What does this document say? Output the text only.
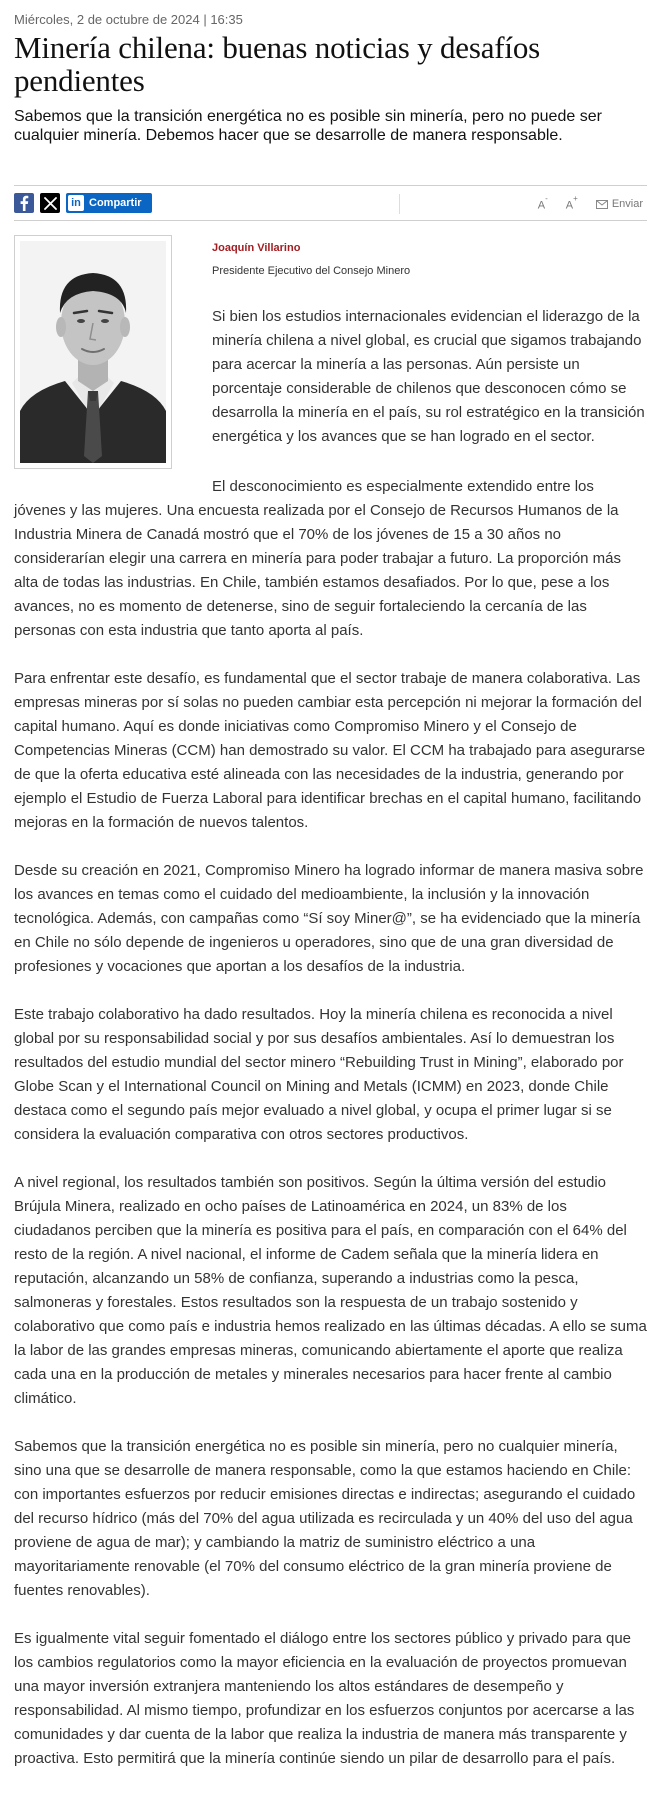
Miércoles, 2 de octubre de 2024 | 16:35
Minería chilena: buenas noticias y desafíos pendientes

Sabemos que la transición energética no es posible sin minería, pero no puede ser cualquier minería. Debemos hacer que se desarrolle de manera responsable.

in Compartir	A-
A+	Enviar
Joaquín Villarino
Presidente Ejecutivo del Consejo Minero

Si bien los estudios internacionales evidencian el liderazgo de la minería chilena a nivel global, es crucial que sigamos trabajando para acercar la minería a las personas. Aún persiste un porcentaje considerable de chilenos que desconocen cómo se desarrolla la minería en el país, su rol estratégico en la transición energética y los avances que se han logrado en el sector.

El desconocimiento es especialmente extendido entre los jóvenes y las mujeres. Una encuesta realizada por el Consejo de Recursos Humanos de la Industria Minera de Canadá mostró que el 70% de los jóvenes de 15 a 30 años no considerarían elegir una carrera en minería para poder trabajar a futuro. La proporción más alta de todas las industrias. En Chile, también estamos desafiados. Por lo que, pese a los avances, no es momento de detenerse, sino de seguir fortaleciendo la cercanía de las personas con esta industria que tanto aporta al país.

Para enfrentar este desafío, es fundamental que el sector trabaje de manera colaborativa. Las empresas mineras por sí solas no pueden cambiar esta percepción ni mejorar la formación del capital humano. Aquí es donde iniciativas como Compromiso Minero y el Consejo de Competencias Mineras (CCM) han demostrado su valor. El CCM ha trabajado para asegurarse de que la oferta educativa esté alineada con las necesidades de la industria, generando por ejemplo el Estudio de Fuerza Laboral para identificar brechas en el capital humano, facilitando mejoras en la formación de nuevos talentos.

Desde su creación en 2021, Compromiso Minero ha logrado informar de manera masiva sobre los avances en temas como el cuidado del medioambiente, la inclusión y la innovación tecnológica. Además, con campañas como “Sí soy Miner@”, se ha evidenciado que la minería en Chile no sólo depende de ingenieros u operadores, sino que de una gran diversidad de profesiones y vocaciones que aportan a los desafíos de la industria.

Este trabajo colaborativo ha dado resultados. Hoy la minería chilena es reconocida a nivel global por su responsabilidad social y por sus desafíos ambientales. Así lo demuestran los resultados del estudio mundial del sector minero “Rebuilding Trust in Mining”, elaborado por Globe Scan y el International Council on Mining and Metals (ICMM) en 2023, donde Chile destaca como el segundo país mejor evaluado a nivel global, y ocupa el primer lugar si se considera la evaluación comparativa con otros sectores productivos.

A nivel regional, los resultados también son positivos. Según la última versión del estudio Brújula Minera, realizado en ocho países de Latinoamérica en 2024, un 83% de los ciudadanos perciben que la minería es positiva para el país, en comparación con el 64% del resto de la región. A nivel nacional, el informe de Cadem señala que la minería lidera en reputación, alcanzando un 58% de confianza, superando a industrias como la pesca, salmoneras y forestales. Estos resultados son la respuesta de un trabajo sostenido y colaborativo que como país e industria hemos realizado en las últimas décadas. A ello se suma la labor de las grandes empresas mineras, comunicando abiertamente el aporte que realiza cada una en la producción de metales y minerales necesarios para hacer frente al cambio climático.

Sabemos que la transición energética no es posible sin minería, pero no cualquier minería, sino una que se desarrolle de manera responsable, como la que estamos haciendo en Chile: con importantes esfuerzos por reducir emisiones directas e indirectas; asegurando el cuidado del recurso hídrico (más del 70% del agua utilizada es recirculada y un 40% del uso del agua proviene de agua de mar); y cambiando la matriz de suministro eléctrico a una mayoritariamente renovable (el 70% del consumo eléctrico de la gran minería proviene de fuentes renovables).

Es igualmente vital seguir fomentado el diálogo entre los sectores público y privado para que los cambios regulatorios como la mayor eficiencia en la evaluación de proyectos promuevan una mayor inversión extranjera manteniendo los altos estándares de desempeño y responsabilidad. Al mismo tiempo, profundizar en los esfuerzos conjuntos por acercarse a las comunidades y dar cuenta de la labor que realiza la industria de manera más transparente y proactiva. Esto permitirá que la minería continúe siendo un pilar de desarrollo para el país.
